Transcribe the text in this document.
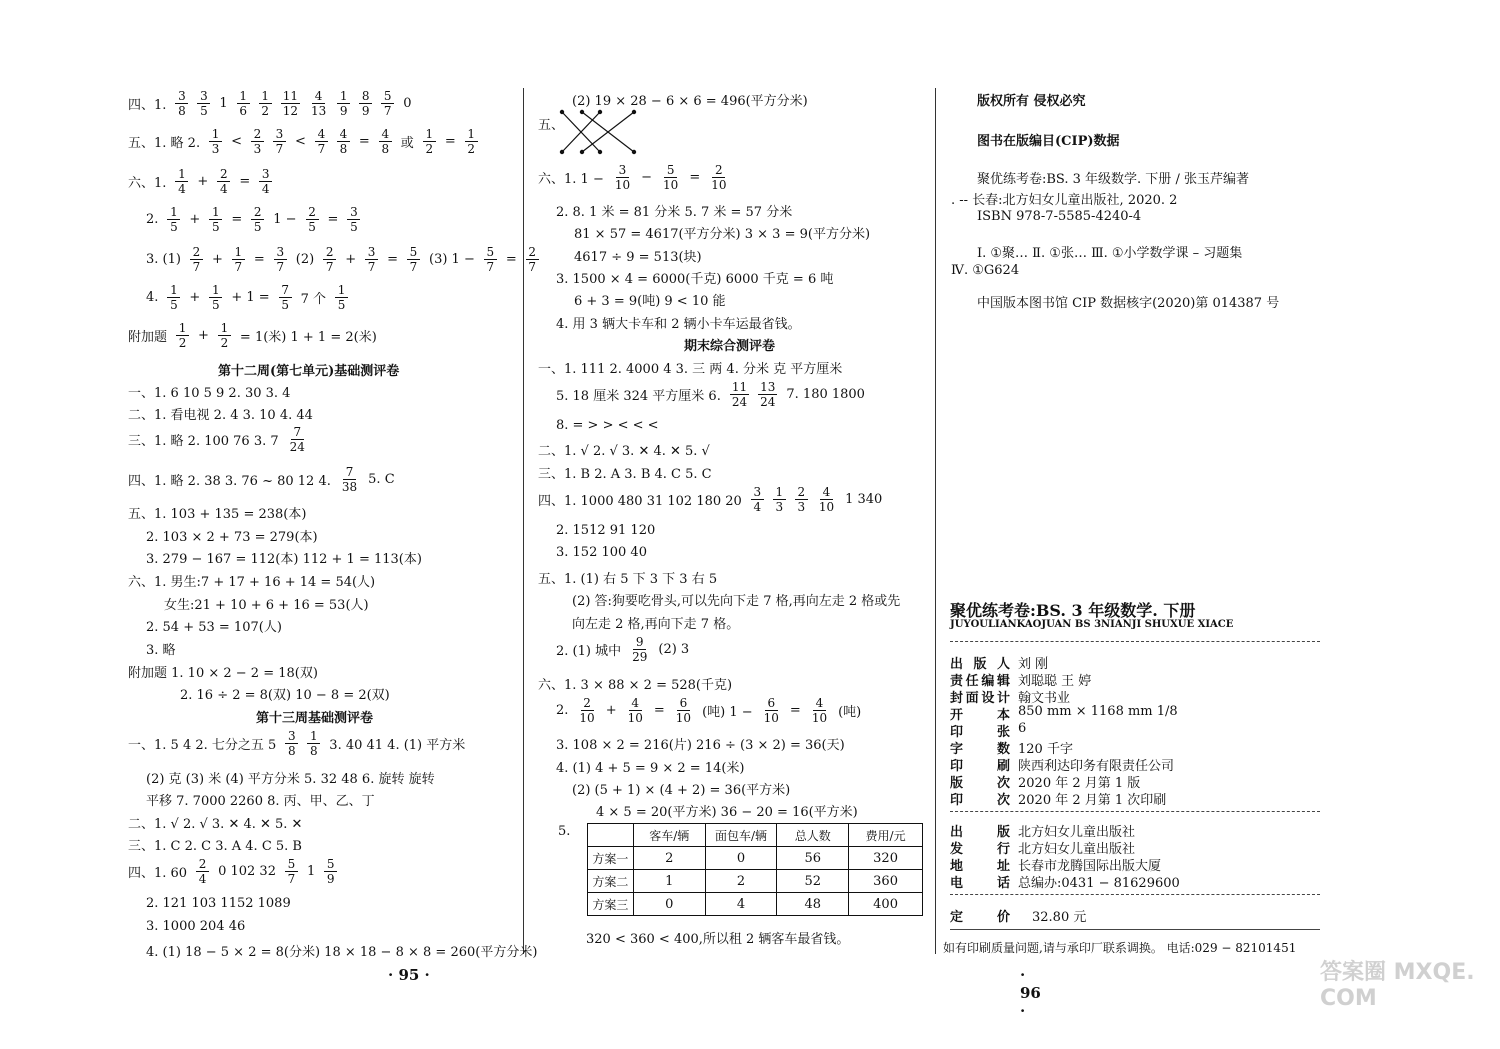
四、1. $\frac{3}{8} \frac{3}{5} 1 \frac{1}{6} \frac{1}{2} \frac{11}{12} \frac{4}{13} \frac{1}{9} \frac{8}{9} \frac{5}{7} 0$
五、1. 略 2. $\frac{1}{3} < \frac{2}{3} \frac{3}{7} < \frac{4}{7} \frac{4}{8} = \frac{4}{8}$ 或 $\frac{1}{2} = \frac{1}{2}$
六、1. $\frac{1}{4} + \frac{2}{4} = \frac{3}{4}$
2. $\frac{1}{5} + \frac{1}{5} = \frac{2}{5} 1 - \frac{2}{5} = \frac{3}{5}$
3. $(1) \frac{2}{7} + \frac{1}{7} = \frac{3}{7} (2) \frac{2}{7} + \frac{3}{7} = \frac{5}{7} (3) 1 - \frac{5}{7} = \frac{2}{7}$
4. $\frac{1}{5} + \frac{1}{5} + 1 = \frac{7}{5} 7$ 个 $\frac{1}{5}$
附加题 $\frac{1}{2} + \frac{1}{2} = 1$(米) 1 + 1 = 2(米)
第十二周(第七单元)基础测评卷
一、1. 6 10 5 9 2. 30 3. 4
二、1. 看电视 2. 4 3. 10 4. 44
三、1. 略 2. 100 76 3. $7 \frac{7}{24}$
四、1. 略 2. 38 3. 76 ~ 80 12 4. $\frac{7}{38} 5$. C
五、1. 103 + 135 = 238(本)
2. 103 × 2 + 73 = 279(本)
3. 279 − 167 = 112(本) 112 + 1 = 113(本)
六、1. 男生:7 + 17 + 16 + 14 = 54(人)
女生:21 + 10 + 6 + 16 = 53(人)
2. 54 + 53 = 107(人)
3. 略
附加题 1. 10 × 2 − 2 = 18(双)
2. 16 ÷ 2 = 8(双) 10 − 8 = 2(双)
第十三周基础测评卷
一、1. 5 4 2. 七分之五 $5 \frac{3}{8} \frac{1}{8} 3$. 40 41 4. (1) 平方米
(2) 克 (3) 米 (4) 平方分米 5. 32 48 6. 旋转 旋转
平移 7. 7000 2260 8. 丙、甲、乙、丁
二、1. √ 2. √ 3. ✕ 4. ✕ 5. ✕
三、1. C 2. C 3. A 4. C 5. B
四、1. $60 \frac{2}{4} 0$ 102 $32 \frac{5}{7} 1 \frac{5}{9}$
2. 121 103 1152 1089
3. 1000 204 46
4. (1) 18 − 5 × 2 = 8(分米) 18 × 18 − 8 × 8 = 260(平方分米)
· 95 ·
(2) 19 × 28 − 6 × 6 = 496(平方分米)
五、
六、1. $1 - \frac{3}{10} - \frac{5}{10} = \frac{2}{10}$
2. 8. 1 米 = 81 分米 5. 7 米 = 57 分米
81 × 57 = 4617(平方分米) 3 × 3 = 9(平方分米)
4617 ÷ 9 = 513(块)
3. 1500 × 4 = 6000(千克) 6000 千克 = 6 吨
6 + 3 = 9(吨) 9 < 10 能
4. 用 3 辆大卡车和 2 辆小卡车运最省钱。
期末综合测评卷
一、1. 111 2. 4000 4 3. 三 两 4. 分米 克 平方厘米
5. 18 厘米 324 平方厘米 6. $\frac{11}{24} \frac{13}{24} 7$. 180 1800
8. = > > < < <
二、1. √ 2. √ 3. ✕ 4. ✕ 5. √
三、1. B 2. A 3. B 4. C 5. C
四、1. 1000 480 31 102 180 $20 \frac{3}{4} \frac{1}{3} \frac{2}{3} \frac{4}{10} 1$ 340
2. 1512 91 120
3. 152 100 40
五、1. (1) 右 5 下 3 下 3 右 5
(2) 答:狗要吃骨头,可以先向下走 7 格,再向左走 2 格或先
向左走 2 格,再向下走 7 格。
2. (1) 城中 $\frac{9}{29} (2)$ 3
六、1. 3 × 88 × 2 = 528(千克)
2. $\frac{2}{10} + \frac{4}{10} = \frac{6}{10}$ (吨) $1 - \frac{6}{10} = \frac{4}{10}$ (吨)
3. 108 × 2 = 216(片) 216 ÷ (3 × 2) = 36(天)
4. (1) 4 + 5 = 9 × 2 = 14(米)
(2) (5 + 1) × (4 + 2) = 36(平方米)
4 × 5 = 20(平方米) 36 − 20 = 16(平方米)
5.
		客车/辆	面包车/辆	总人数	费用/元
方案一	2	0	56	320
方案二	1	2	52	360
方案三	0	4	48	400
320 < 360 < 400,所以租 2 辆客车最省钱。
· 96 ·
版权所有 侵权必究
图书在版编目(CIP)数据
聚优练考卷:BS. 3 年级数学. 下册 / 张玉芹编著
. -- 长春:北方妇女儿童出版社, 2020. 2
ISBN 978-7-5585-4240-4
Ⅰ. ①聚… Ⅱ. ①张… Ⅲ. ①小学数学课 – 习题集
Ⅳ. ①G624
中国版本图书馆 CIP 数据核字(2020)第 014387 号
聚优练考卷:BS. 3 年级数学. 下册
JUYOULIANKAOJUAN BS 3NIANJI SHUXUE XIACE
出 版 人 刘 刚
责 任 编 辑 刘聪聪 王 婷
封 面 设 计 翰文书业
开	本 850 mm × 1168 mm 1/8
印	张 6
字	数 120 千字
印	刷 陕西利达印务有限责任公司
版	次 2020 年 2 月第 1 版
印	次 2020 年 2 月第 1 次印刷
出	版 北方妇女儿童出版社
发	行 北方妇女儿童出版社
地	址 长春市龙腾国际出版大厦
电	话 总编办:0431 − 81629600
定	价 32.80 元
如有印刷质量问题,请与承印厂联系调换。 电话:029 − 82101451
答案圈 MXQE.COM
